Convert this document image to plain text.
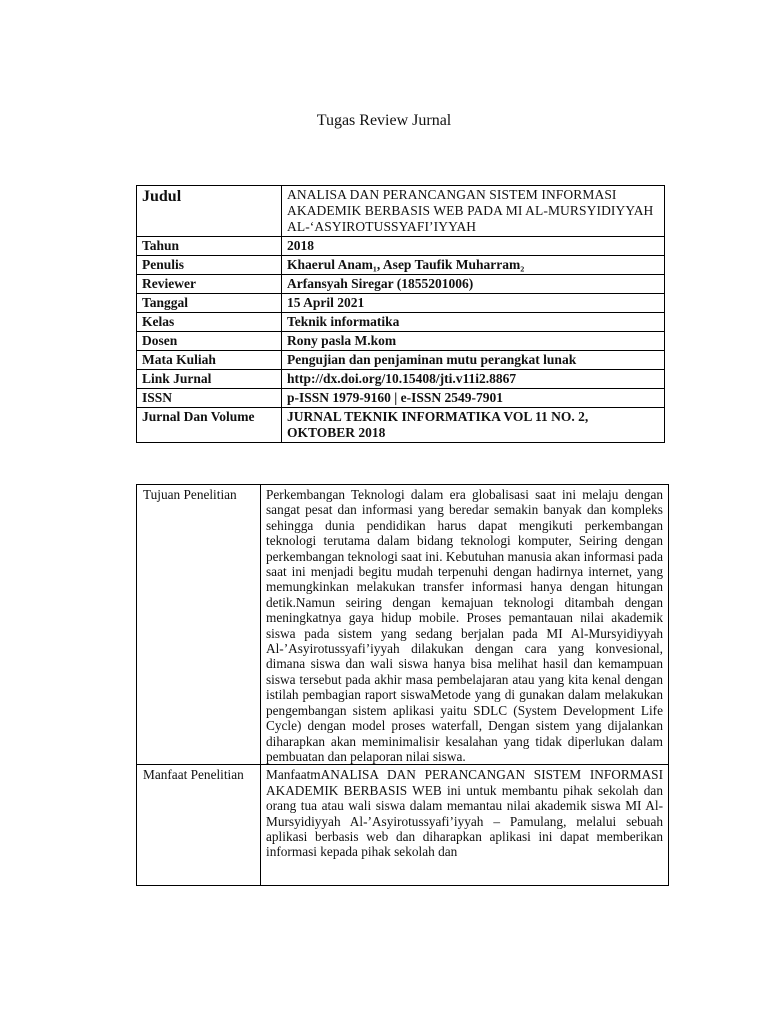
Tugas Review Jurnal
Judul	ANALISA DAN PERANCANGAN SISTEM INFORMASI AKADEMIK BERBASIS WEB PADA MI AL-MURSYIDIYYAH AL-‘ASYIROTUSSYAFI’IYYAH
Tahun	2018
Penulis	Khaerul Anam₁, Asep Taufik Muharram₂
Reviewer	Arfansyah Siregar (1855201006)
Tanggal	15 April 2021
Kelas	Teknik informatika
Dosen	Rony pasla M.kom
Mata Kuliah	Pengujian dan penjaminan mutu perangkat lunak
Link Jurnal	http://dx.doi.org/10.15408/jti.v11i2.8867
ISSN	p-ISSN 1979-9160 | e-ISSN 2549-7901
Jurnal Dan Volume	JURNAL TEKNIK INFORMATIKA VOL 11 NO. 2, OKTOBER 2018
Tujuan Penelitian	Perkembangan Teknologi dalam era globalisasi saat ini melaju dengan sangat pesat dan informasi yang beredar semakin banyak dan kompleks sehingga dunia pendidikan harus dapat mengikuti perkembangan teknologi terutama dalam bidang teknologi komputer, Seiring dengan perkembangan teknologi saat ini. Kebutuhan manusia akan informasi pada saat ini menjadi begitu mudah terpenuhi dengan hadirnya internet, yang memungkinkan melakukan transfer informasi hanya dengan hitungan detik.Namun seiring dengan kemajuan teknologi ditambah dengan meningkatnya gaya hidup mobile. Proses pemantauan nilai akademik siswa pada sistem yang sedang berjalan pada MI Al-Mursyidiyyah Al-’Asyirotussyafi’iyyah dilakukan dengan cara yang konvesional, dimana siswa dan wali siswa hanya bisa melihat hasil dan kemampuan siswa tersebut pada akhir masa pembelajaran atau yang kita kenal dengan istilah pembagian raport siswaMetode yang di gunakan dalam melakukan pengembangan sistem aplikasi yaitu SDLC (System Development Life Cycle) dengan model proses waterfall, Dengan sistem yang dijalankan diharapkan akan meminimalisir kesalahan yang tidak diperlukan dalam pembuatan dan pelaporan nilai siswa.
Manfaat Penelitian	ManfaatmANALISA DAN PERANCANGAN SISTEM INFORMASI AKADEMIK BERBASIS WEB ini untuk membantu pihak sekolah dan orang tua atau wali siswa dalam memantau nilai akademik siswa MI Al-Mursyidiyyah Al-’Asyirotussyafi’iyyah – Pamulang, melalui sebuah aplikasi berbasis web dan diharapkan aplikasi ini dapat memberikan informasi kepada pihak sekolah dan
